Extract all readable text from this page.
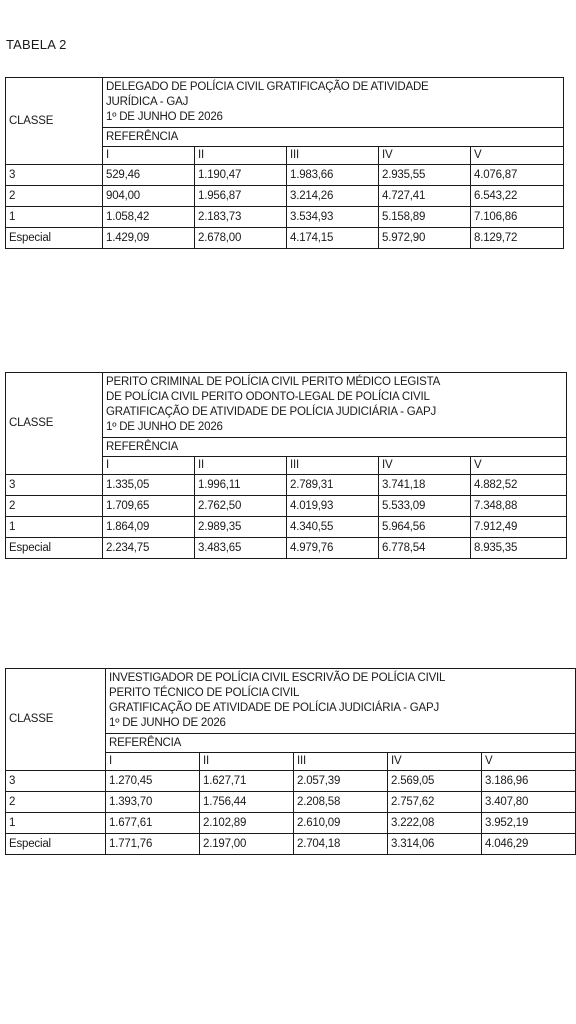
TABELA 2
CLASSE	DELEGADO DE POLÍCIA CIVIL GRATIFICAÇÃO DE ATIVIDADE
JURÍDICA - GAJ
1º DE JUNHO DE 2026				

	REFERÊNCIA				
	I	II	III	IV	V
3	529,46	1.190,47	1.983,66	2.935,55	4.076,87
2	904,00	1.956,87	3.214,26	4.727,41	6.543,22
1	1.058,42	2.183,73	3.534,93	5.158,89	7.106,86
Especial	1.429,09	2.678,00	4.174,15	5.972,90	8.129,72
CLASSE	PERITO CRIMINAL DE POLÍCIA CIVIL PERITO MÉDICO LEGISTA
DE POLÍCIA CIVIL PERITO ODONTO-LEGAL DE POLÍCIA CIVIL
GRATIFICAÇÃO DE ATIVIDADE DE POLÍCIA JUDICIÁRIA - GAPJ
1º DE JUNHO DE 2026				

	REFERÊNCIA				
	I	II	III	IV	V
3	1.335,05	1.996,11	2.789,31	3.741,18	4.882,52
2	1.709,65	2.762,50	4.019,93	5.533,09	7.348,88
1	1.864,09	2.989,35	4.340,55	5.964,56	7.912,49
Especial	2.234,75	3.483,65	4.979,76	6.778,54	8.935,35
CLASSE	INVESTIGADOR DE POLÍCIA CIVIL ESCRIVÃO DE POLÍCIA CIVIL
PERITO TÉCNICO DE POLÍCIA CIVIL
GRATIFICAÇÃO DE ATIVIDADE DE POLÍCIA JUDICIÁRIA - GAPJ
1º DE JUNHO DE 2026				

	REFERÊNCIA				
	I	II	III	IV	V
3	1.270,45	1.627,71	2.057,39	2.569,05	3.186,96
2	1.393,70	1.756,44	2.208,58	2.757,62	3.407,80
1	1.677,61	2.102,89	2.610,09	3.222,08	3.952,19
Especial	1.771,76	2.197,00	2.704,18	3.314,06	4.046,29
